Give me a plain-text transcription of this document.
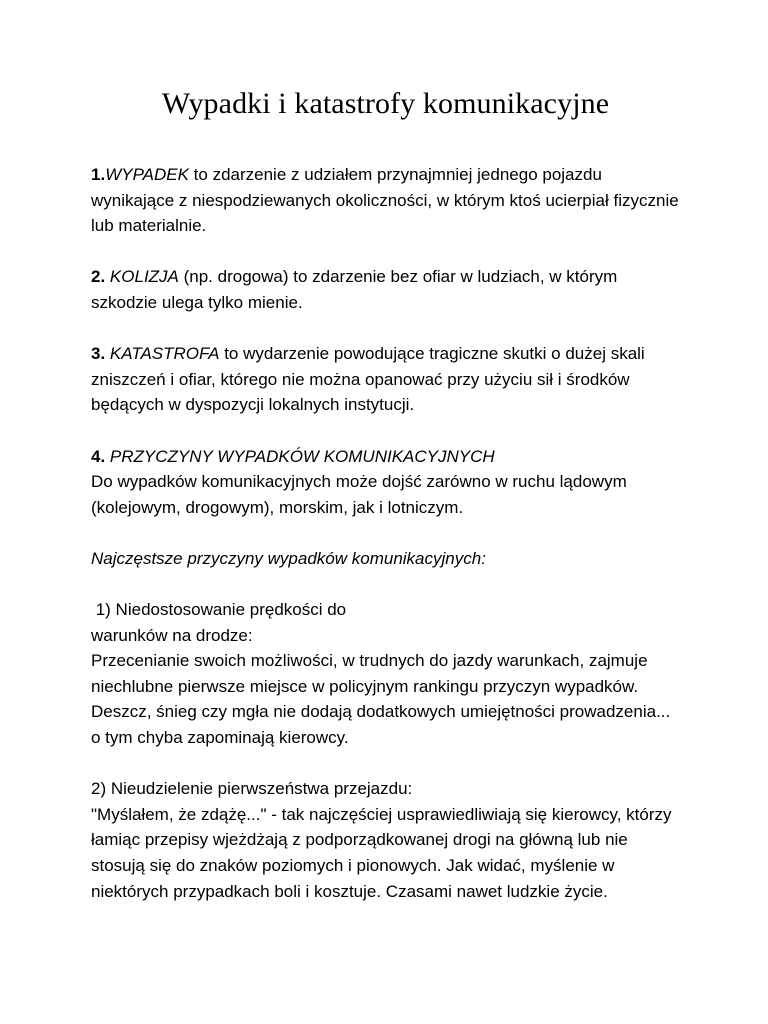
Wypadki i katastrofy komunikacyjne

1.WYPADEK to zdarzenie z udziałem przynajmniej jednego pojazdu wynikające z niespodziewanych okoliczności, w którym ktoś ucierpiał fizycznie lub materialnie.

2. KOLIZJA (np. drogowa) to zdarzenie bez ofiar w ludziach, w którym szkodzie ulega tylko mienie.

3. KATASTROFA to wydarzenie powodujące tragiczne skutki o dużej skali zniszczeń i ofiar, którego nie można opanować przy użyciu sił i środków będących w dyspozycji lokalnych instytucji.

4. PRZYCZYNY WYPADKÓW KOMUNIKACYJNYCH
Do wypadków komunikacyjnych może dojść zarówno w ruchu lądowym (kolejowym, drogowym), morskim, jak i lotniczym.

Najczęstsze przyczyny wypadków komunikacyjnych:

1) Niedostosowanie prędkości do
warunków na drodze:
Przecenianie swoich możliwości, w trudnych do jazdy warunkach, zajmuje niechlubne pierwsze miejsce w policyjnym rankingu przyczyn wypadków. Deszcz, śnieg czy mgła nie dodają dodatkowych umiejętności prowadzenia... o tym chyba zapominają kierowcy.

2) Nieudzielenie pierwszeństwa przejazdu:
"Myślałem, że zdążę..." - tak najczęściej usprawiedliwiają się kierowcy, którzy łamiąc przepisy wjeżdżają z podporządkowanej drogi na główną lub nie stosują się do znaków poziomych i pionowych. Jak widać, myślenie w niektórych przypadkach boli i kosztuje. Czasami nawet ludzkie życie.
